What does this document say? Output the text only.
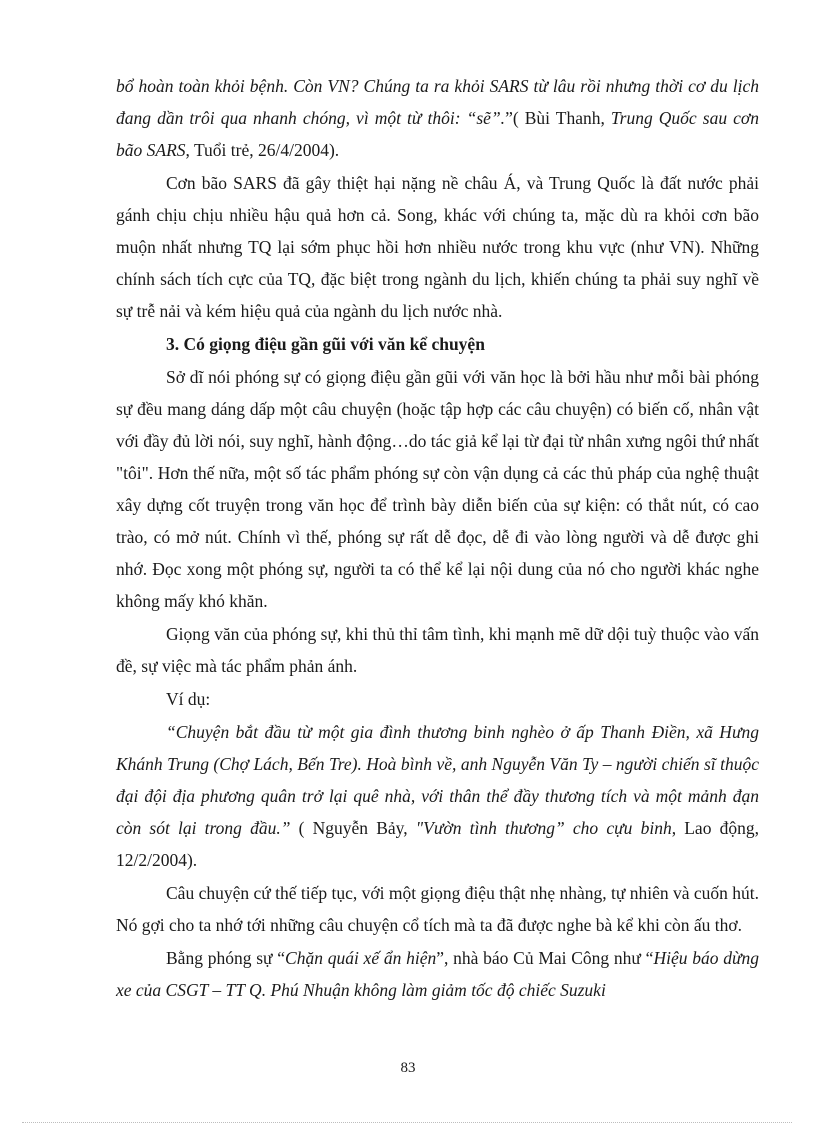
bổ hoàn toàn khỏi bệnh. Còn VN? Chúng ta ra khỏi SARS từ lâu rồi nhưng thời cơ du lịch đang dần trôi qua nhanh chóng, vì một từ thôi: “sẽ”.”( Bùi Thanh, Trung Quốc sau cơn bão SARS, Tuổi trẻ, 26/4/2004).

Cơn bão SARS đã gây thiệt hại nặng nề châu Á, và Trung Quốc là đất nước phải gánh chịu chịu nhiều hậu quả hơn cả. Song, khác với chúng ta, mặc dù ra khỏi cơn bão muộn nhất nhưng TQ lại sớm phục hồi hơn nhiều nước trong khu vực (như VN). Những chính sách tích cực của TQ, đặc biệt trong ngành du lịch, khiến chúng ta phải suy nghĩ về sự trễ nải và kém hiệu quả của ngành du lịch nước nhà.

3. Có giọng điệu gần gũi với văn kể chuyện

Sở dĩ nói phóng sự có giọng điệu gần gũi với văn học là bởi hầu như mỗi bài phóng sự đều mang dáng dấp một câu chuyện (hoặc tập hợp các câu chuyện) có biến cố, nhân vật với đầy đủ lời nói, suy nghĩ, hành động…do tác giả kể lại từ đại từ nhân xưng ngôi thứ nhất "tôi". Hơn thế nữa, một số tác phẩm phóng sự còn vận dụng cả các thủ pháp của nghệ thuật xây dựng cốt truyện trong văn học để trình bày diễn biến của sự kiện: có thắt nút, có cao trào, có mở nút. Chính vì thế, phóng sự rất dễ đọc, dễ đi vào lòng người và dễ được ghi nhớ. Đọc xong một phóng sự, người ta có thể kể lại nội dung của nó cho người khác nghe không mấy khó khăn.

Giọng văn của phóng sự, khi thủ thỉ tâm tình, khi mạnh mẽ dữ dội tuỳ thuộc vào vấn đề, sự việc mà tác phẩm phản ánh.

Ví dụ:

“Chuyện bắt đầu từ một gia đình thương binh nghèo ở ấp Thanh Điền, xã Hưng Khánh Trung (Chợ Lách, Bến Tre). Hoà bình về, anh Nguyễn Văn Ty – người chiến sĩ thuộc đại đội địa phương quân trở lại quê nhà, với thân thể đầy thương tích và một mảnh đạn còn sót lại trong đầu.” ( Nguyễn Bảy, "Vườn tình thương” cho cựu binh, Lao động, 12/2/2004).

Câu chuyện cứ thế tiếp tục, với một giọng điệu thật nhẹ nhàng, tự nhiên và cuốn hút. Nó gợi cho ta nhớ tới những câu chuyện cổ tích mà ta đã được nghe bà kể khi còn ấu thơ.

Bằng phóng sự “Chặn quái xế ẩn hiện”, nhà báo Củ Mai Công như “Hiệu báo dừng xe của CSGT – TT Q. Phú Nhuận không làm giảm tốc độ chiếc Suzuki

83
